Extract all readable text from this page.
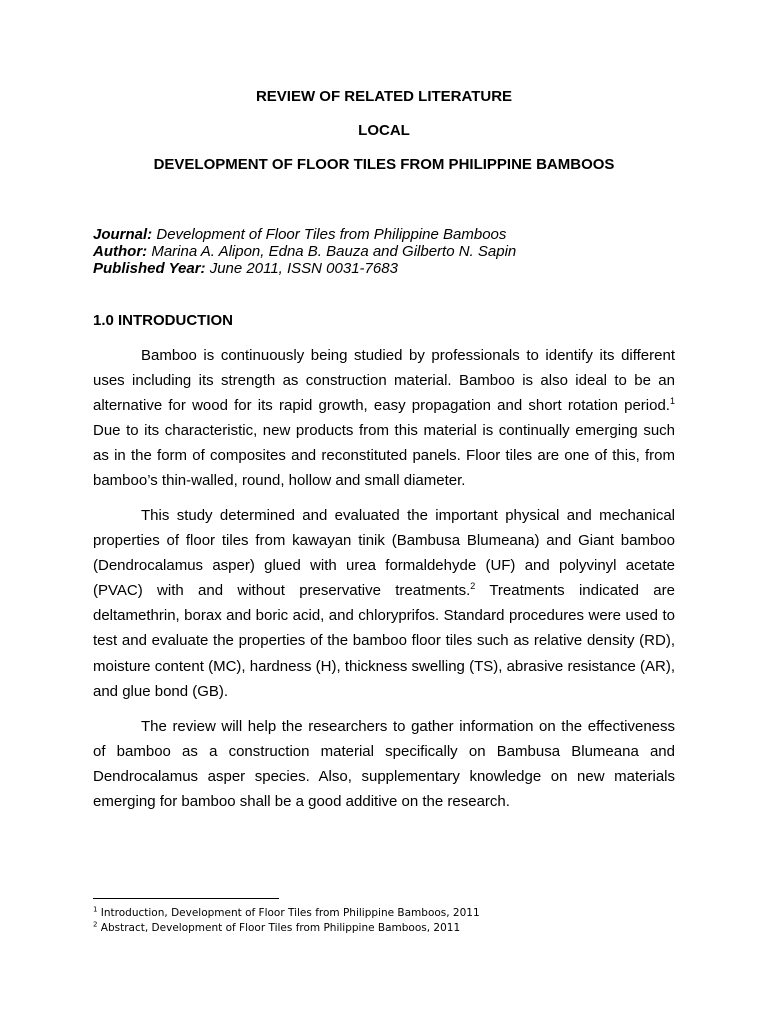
REVIEW OF RELATED LITERATURE
LOCAL
DEVELOPMENT OF FLOOR TILES FROM PHILIPPINE BAMBOOS
Journal: Development of Floor Tiles from Philippine Bamboos
Author: Marina A. Alipon, Edna B. Bauza and Gilberto N. Sapin
Published Year: June 2011, ISSN 0031-7683
1.0 INTRODUCTION

Bamboo is continuously being studied by professionals to identify its different uses including its strength as construction material. Bamboo is also ideal to be an alternative for wood for its rapid growth, easy propagation and short rotation period.$^1$ Due to its characteristic, new products from this material is continually emerging such as in the form of composites and reconstituted panels. Floor tiles are one of this, from bamboo’s thin-walled, round, hollow and small diameter.

This study determined and evaluated the important physical and mechanical properties of floor tiles from kawayan tinik (Bambusa Blumeana) and Giant bamboo (Dendrocalamus asper) glued with urea formaldehyde (UF) and polyvinyl acetate (PVAC) with and without preservative treatments.$^2$ Treatments indicated are deltamethrin, borax and boric acid, and chloryprifos. Standard procedures were used to test and evaluate the properties of the bamboo floor tiles such as relative density (RD), moisture content (MC), hardness (H), thickness swelling (TS), abrasive resistance (AR), and glue bond (GB).

The review will help the researchers to gather information on the effectiveness of bamboo as a construction material specifically on Bambusa Blumeana and Dendrocalamus asper species. Also, supplementary knowledge on new materials emerging for bamboo shall be a good additive on the research.

$^1$ Introduction, Development of Floor Tiles from Philippine Bamboos, 2011
$^2$ Abstract, Development of Floor Tiles from Philippine Bamboos, 2011
